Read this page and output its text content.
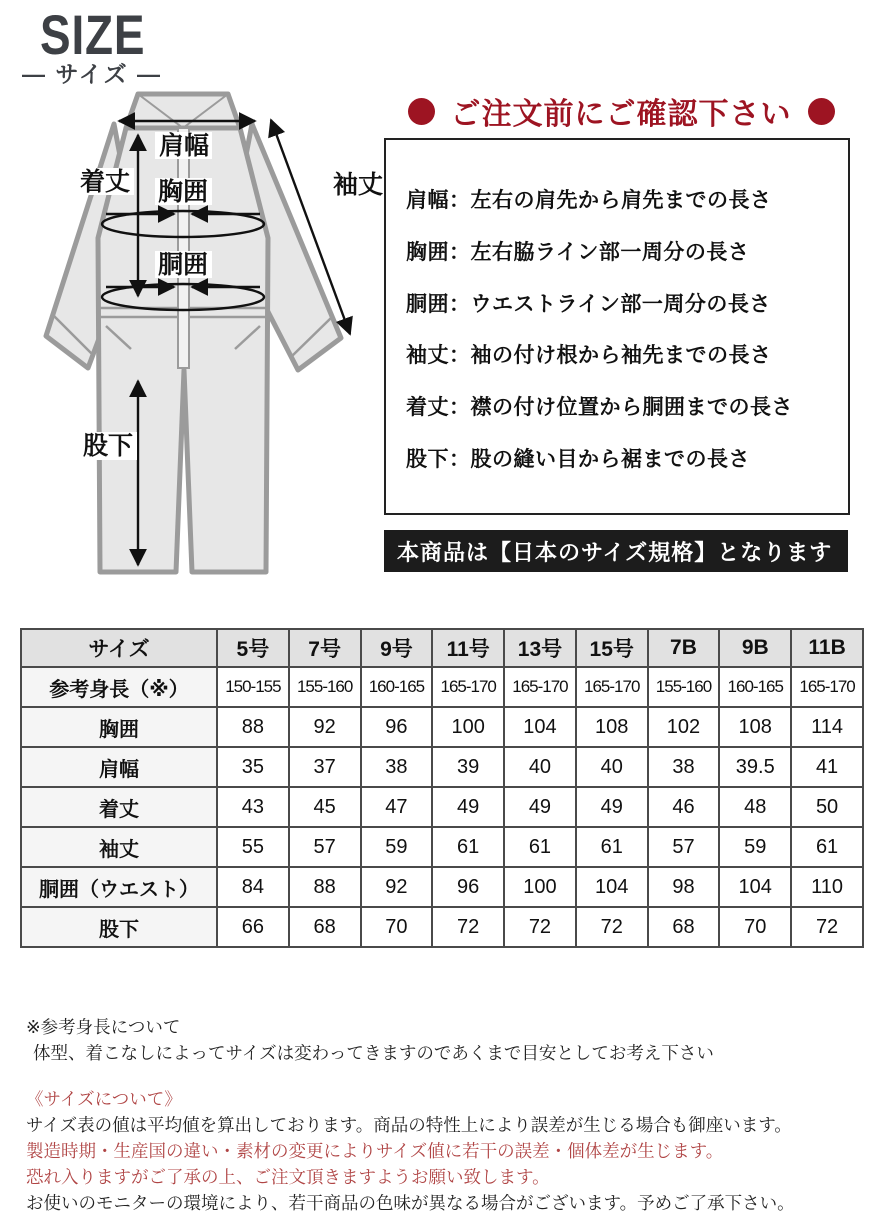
SIZE
— サイズ —
肩幅
袖丈
着丈 胸囲
胴囲
股下
ご注文前にご確認下さい
肩幅：左右の肩先から肩先までの長さ
胸囲：左右脇ライン部一周分の長さ
胴囲：ウエストライン部一周分の長さ
袖丈：袖の付け根から袖先までの長さ
着丈：襟の付け位置から胴囲までの長さ
股下：股の縫い目から裾までの長さ
本商品は【日本のサイズ規格】となります
サイズ	5号	7号	9号	11号	13号	15号	7B	9B	11B
参考身長（※）	150-155	155-160	160-165	165-170	165-170	165-170	155-160	160-165	165-170
胸囲	88	92	96	100	104	108	102	108	114
肩幅	35	37	38	39	40	40	38	39.5	41
着丈	43	45	47	49	49	49	46	48	50
袖丈	55	57	59	61	61	61	57	59	61
胴囲（ウエスト）	84	88	92	96	100	104	98	104	110
股下	66	68	70	72	72	72	68	70	72
※参考身長について
体型、着こなしによってサイズは変わってきますのであくまで目安としてお考え下さい
《サイズについて》
サイズ表の値は平均値を算出しております。商品の特性上により誤差が生じる場合も御座います。
製造時期・生産国の違い・素材の変更によりサイズ値に若干の誤差・個体差が生じます。
恐れ入りますがご了承の上、ご注文頂きますようお願い致します。
お使いのモニターの環境により、若干商品の色味が異なる場合がございます。予めご了承下さい。
